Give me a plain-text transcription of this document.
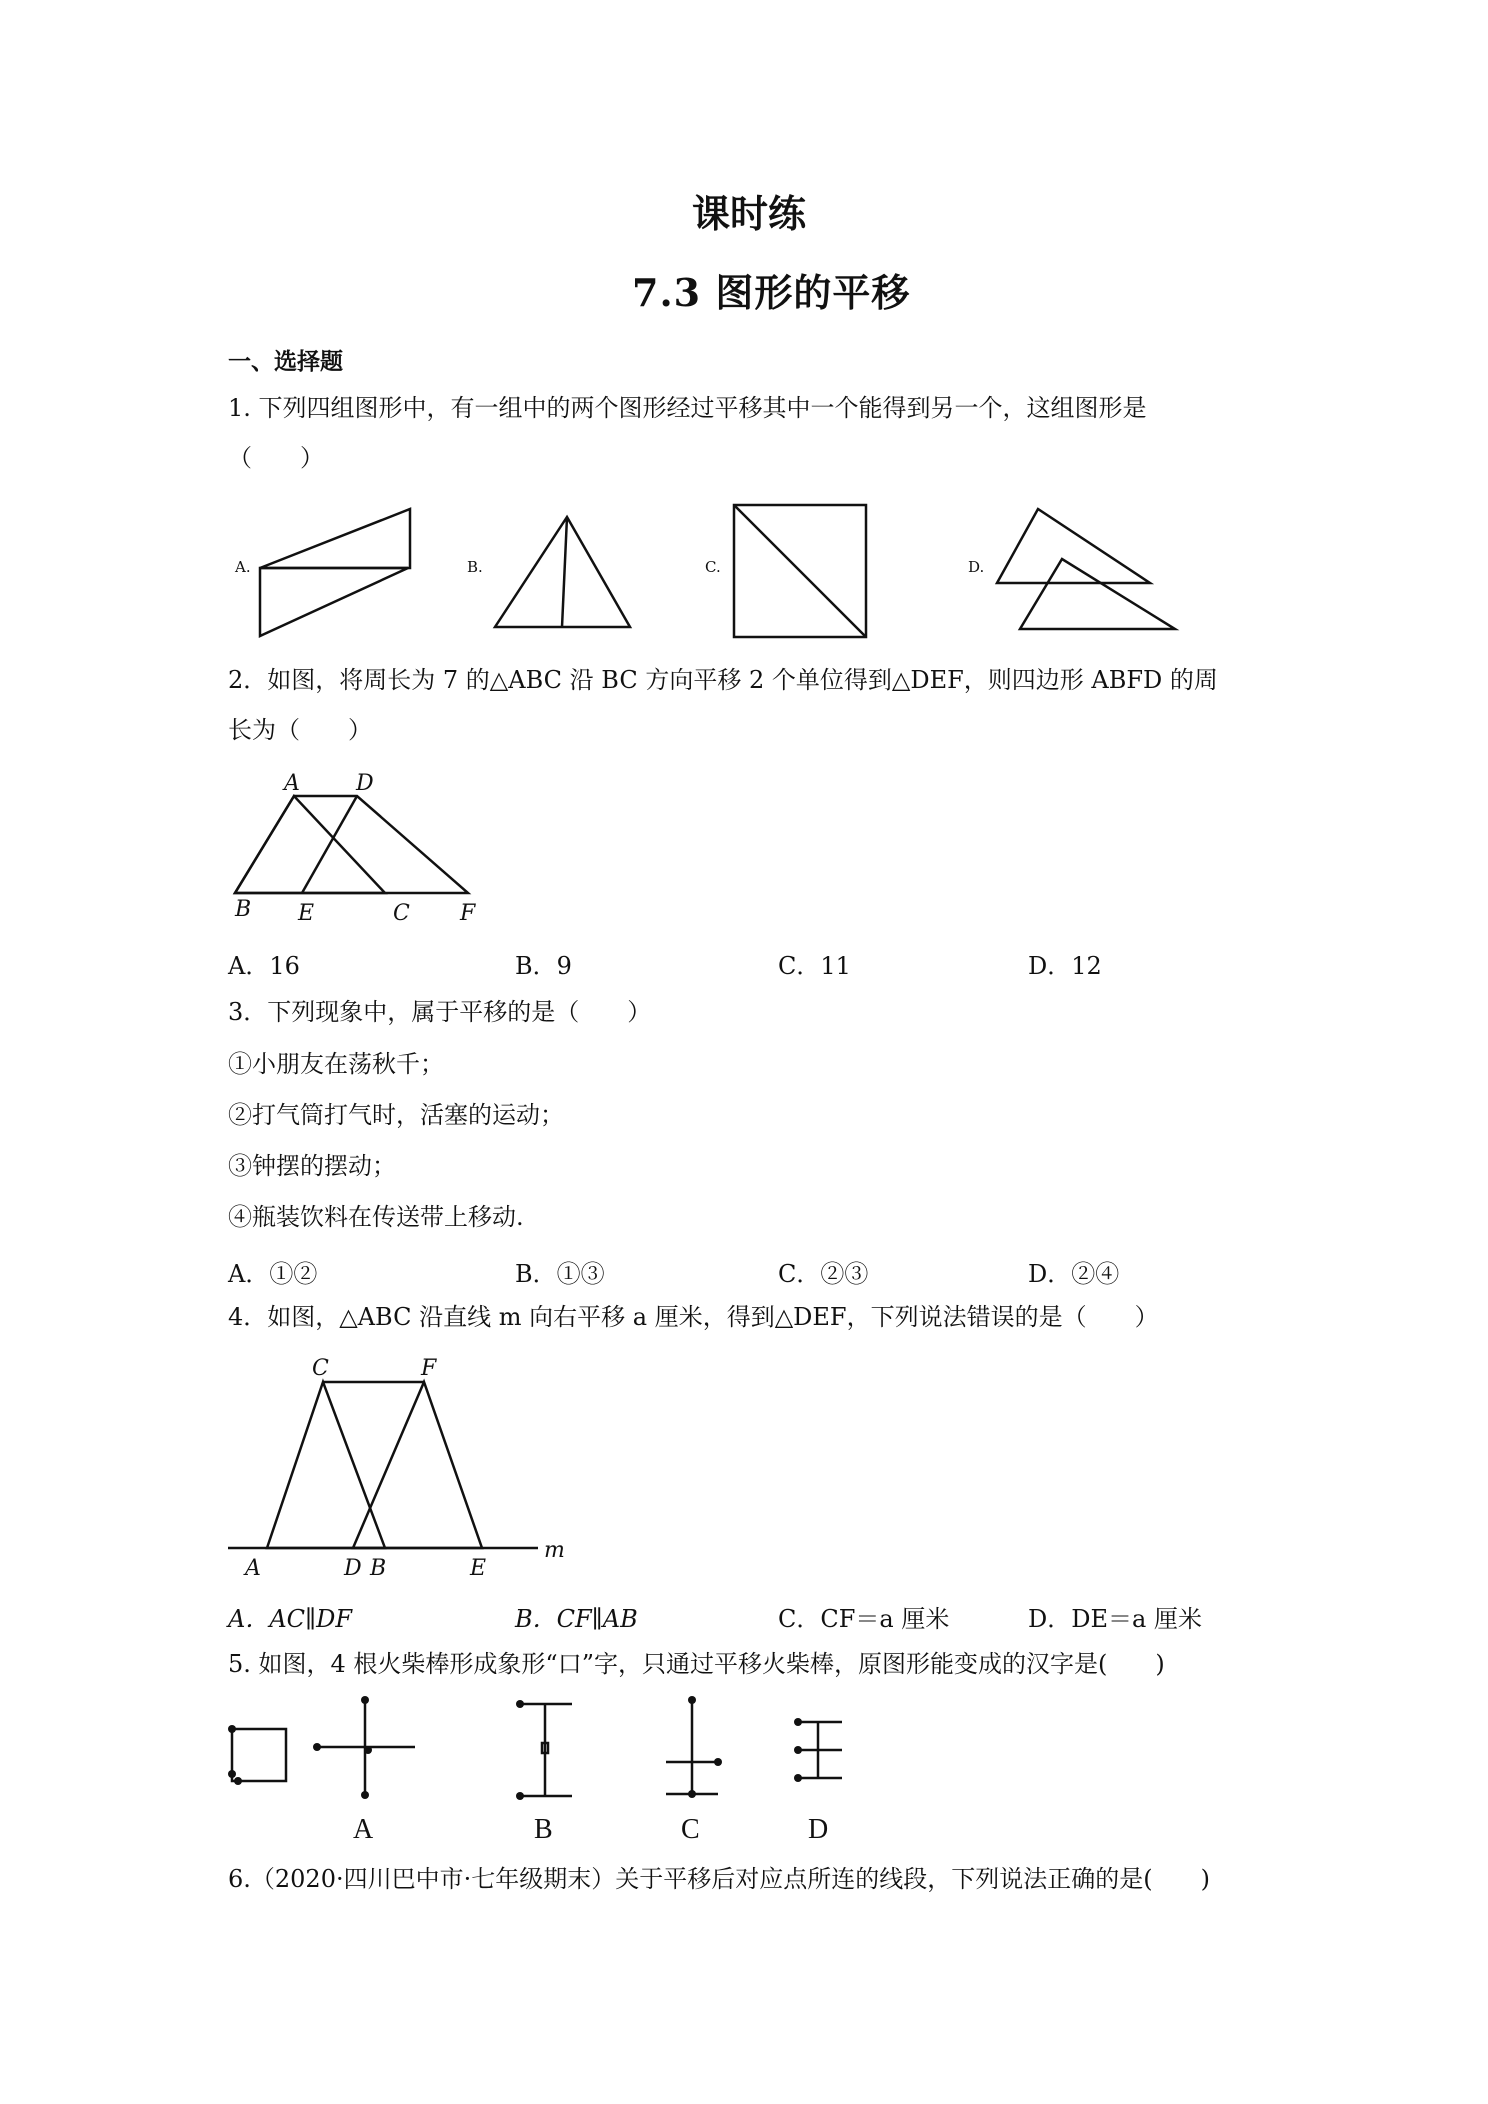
课时练
7.3 图形的平移
一、选择题
1. 下列四组图形中，有一组中的两个图形经过平移其中一个能得到另一个，这组图形是
（　　）
A.	B.	C.	D.
2．如图，将周长为 7 的△ABC 沿 BC 方向平移 2 个单位得到△DEF，则四边形 ABFD 的周
长为（　　）
A	D
B E	C F
A．16	B．9	C．11	D．12
3．下列现象中，属于平移的是（　　）
①小朋友在荡秋千；
②打气筒打气时，活塞的运动；
③钟摆的摆动；
④瓶装饮料在传送带上移动.
A．①②	B．①③	C．②③	D．②④
4．如图，△ABC 沿直线 m 向右平移 a 厘米，得到△DEF，下列说法错误的是（　　）
C	F
A	D B	E
m
A．AC∥DF	B．CF∥AB	C．CF＝a 厘米	D．DE＝a 厘米
5. 如图，4 根火柴棒形成象形“口”字，只通过平移火柴棒，原图形能变成的汉字是(　　)
A	B	C	D
6.（2020·四川巴中市·七年级期末）关于平移后对应点所连的线段，下列说法正确的是(　　)
